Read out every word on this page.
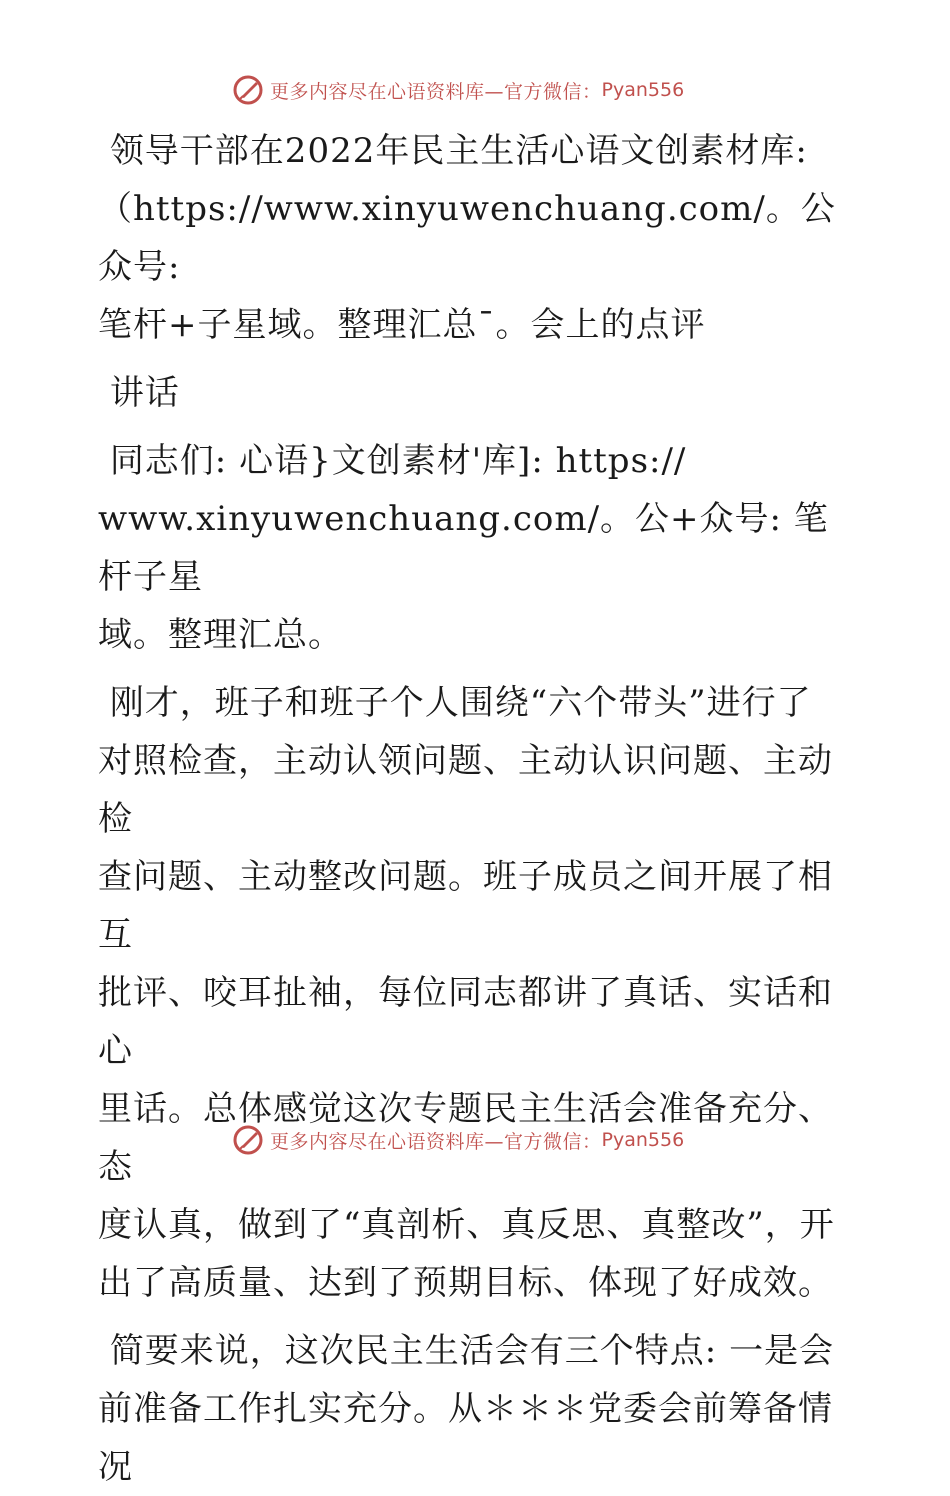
更多内容尽在心语资料库—官方微信： Pyan556

领导干部在2022年民主生活心语文创素材库:
（https://www.xinyuwenchuang.com/。公众号:
笔杆+子星域。整理汇总¯。会上的点评

讲话

同志们: 心语}文创素材'库]: https://
www.xinyuwenchuang.com/。公+众号: 笔杆子星
域。整理汇总。

刚才，班子和班子个人围绕“六个带头”进行了
对照检查，主动认领问题、主动认识问题、主动检
查问题、主动整改问题。班子成员之间开展了相互
批评、咬耳扯袖，每位同志都讲了真话、实话和心
里话。总体感觉这次专题民主生活会准备充分、态
度认真，做到了“真剖析、真反思、真整改”，开
出了高质量、达到了预期目标、体现了好成效。

简要来说，这次民主生活会有三个特点: 一是会
前准备工作扎实充分。从＊＊＊党委会前筹备情况

更多内容尽在心语资料库—官方微信： Pyan556
